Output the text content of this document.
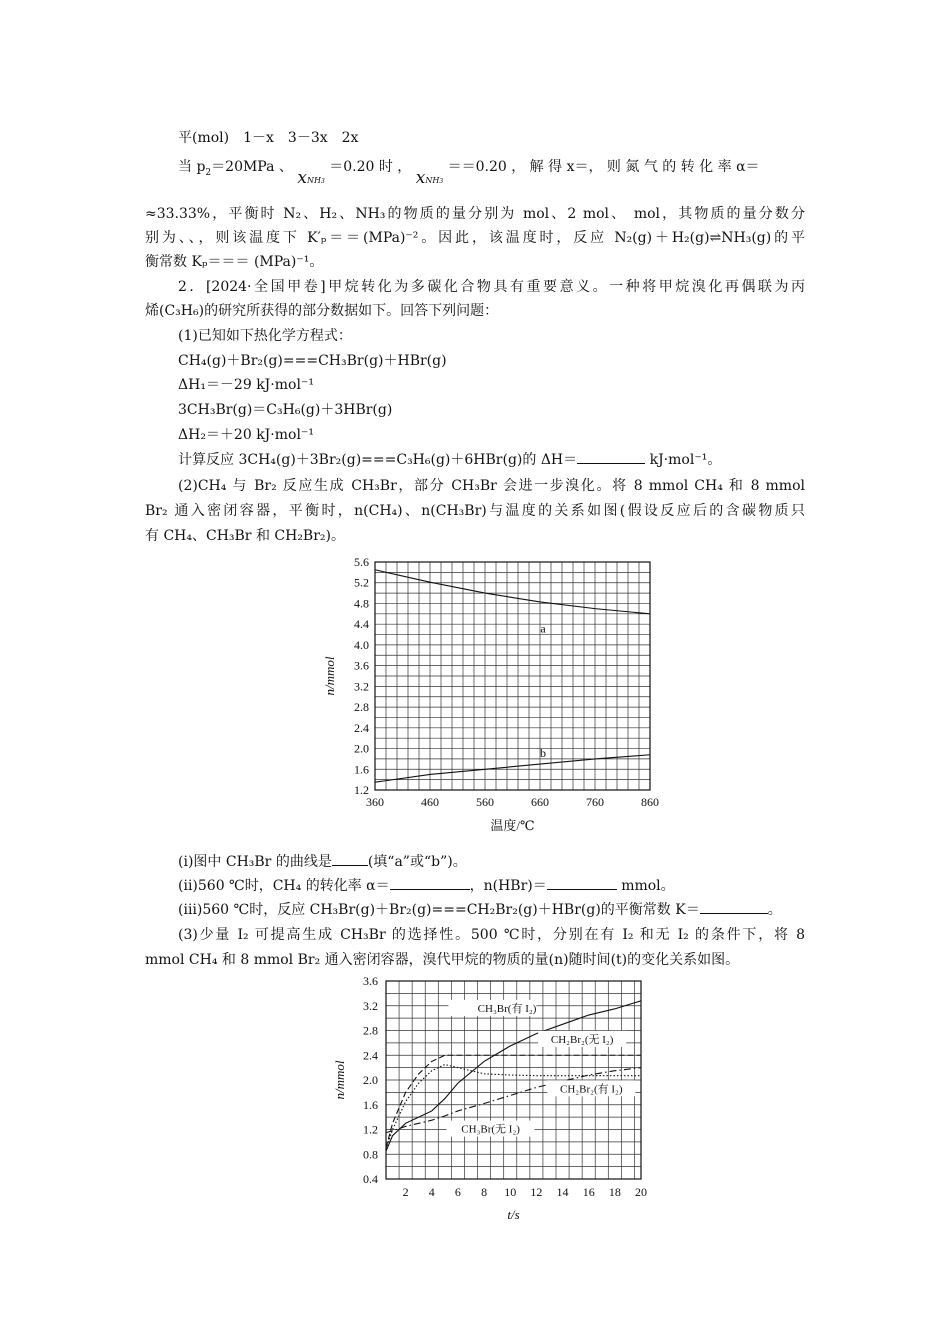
平(mol)　1－x　3－3x　2x
当 $p_2=20MPa$ 、 xNH3 ＝0.20 时 ， xNH3 ＝＝0.20 ， 解 得 x＝， 则 氮 气 的 转 化 率 α＝
≈33.33%，平衡时 N₂、H₂、NH₃的物质的量分别为 mol、2 mol、 mol，其物质的量分数分
别为、、，则该温度下 K′ₚ＝＝(MPa)⁻²。因此，该温度时，反应 N₂(g)＋H₂(g)⇌NH₃(g)的平
衡常数 Kₚ＝＝＝ (MPa)⁻¹。
2．[2024·全国甲卷]甲烷转化为多碳化合物具有重要意义。一种将甲烷溴化再偶联为丙
烯(C₃H₆)的研究所获得的部分数据如下。回答下列问题：
(1)已知如下热化学方程式：
CH₄(g)＋Br₂(g)===CH₃Br(g)＋HBr(g)
ΔH₁＝－29 kJ·mol⁻¹
3CH₃Br(g)＝C₃H₆(g)＋3HBr(g)
ΔH₂＝＋20 kJ·mol⁻¹
计算反应 3CH₄(g)＋3Br₂(g)===C₃H₆(g)＋6HBr(g)的 ΔH＝	kJ·mol⁻¹。
(2)CH₄ 与 Br₂ 反应生成 CH₃Br，部分 CH₃Br 会进一步溴化。将 8 mmol CH₄ 和 8 mmol
Br₂ 通入密闭容器，平衡时，n(CH₄)、n(CH₃Br)与温度的关系如图(假设反应后的含碳物质只
有 CH₄、CH₃Br 和 CH₂Br₂)。
1.2
1.6
2.0
2.4
2.8
3.2
3.6
4.0
4.4
4.8
5.2
5.6
360	460	560	660	760	860
温度/℃
n/mmol
a
b
(ⅰ)图中 CH₃Br 的曲线是	(填“a”或“b”)。
(ⅱ)560 ℃时，CH₄ 的转化率 α＝	，n(HBr)＝	mmol。
(ⅲ)560 ℃时，反应 CH₃Br(g)＋Br₂(g)===CH₂Br₂(g)＋HBr(g)的平衡常数 K＝	。
(3)少量 I₂ 可提高生成 CH₃Br 的选择性。500 ℃时，分别在有 I₂ 和无 I₂ 的条件下，将 8
mmol CH₄ 和 8 mmol Br₂ 通入密闭容器，溴代甲烷的物质的量(n)随时间(t)的变化关系如图。
0.4
0.8
1.2
1.6
2.0
2.4
2.8
3.2
3.6
2 4 6 8 10 12 14 16 18 20
t/s
n/mmol
CH₃Br(有 I₂)
CH₂Br₂(无 I₂)
CH₃Br(无 I₂)
CH₂Br₂(有 I₂)
